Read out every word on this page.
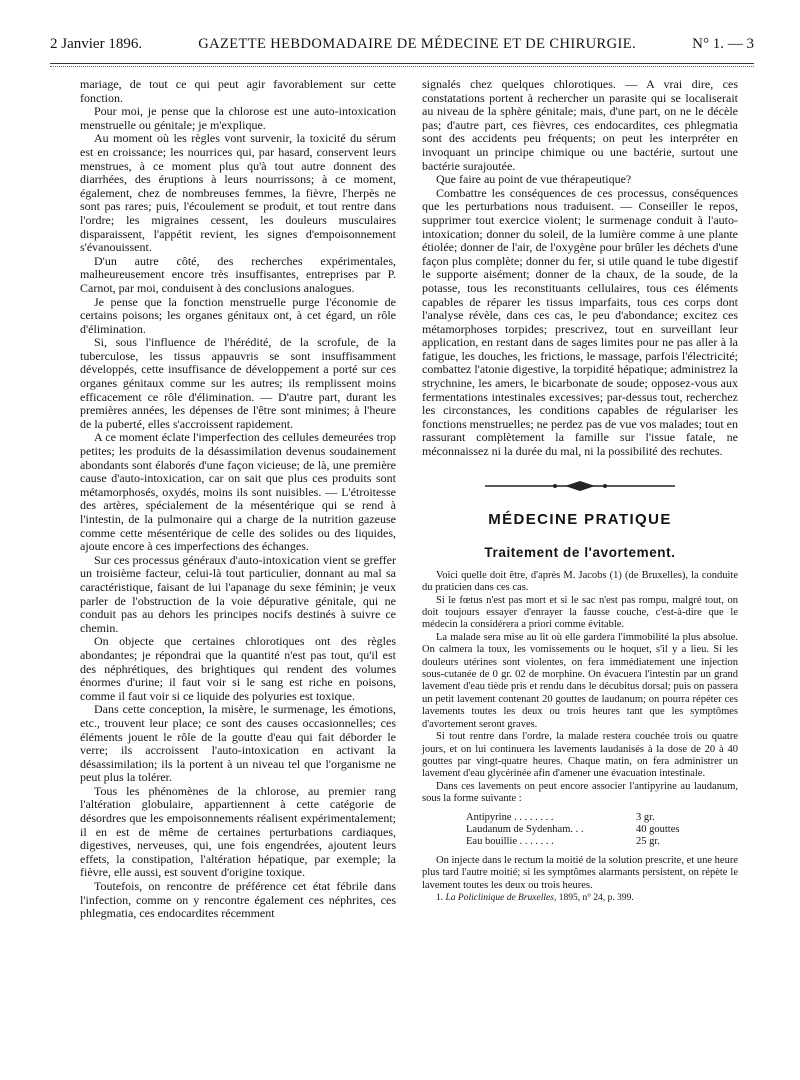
2 Janvier 1896.	GAZETTE HEBDOMADAIRE DE MÉDECINE ET DE CHIRURGIE.	N° 1. — 3

mariage, de tout ce qui peut agir favorablement sur cette fonction.

Pour moi, je pense que la chlorose est une auto-intoxication menstruelle ou génitale; je m'explique.

Au moment où les règles vont survenir, la toxicité du sérum est en croissance; les nourrices qui, par hasard, conservent leurs menstrues, à ce moment plus qu'à tout autre donnent des diarrhées, des éruptions à leurs nourrissons; à ce moment, également, chez de nombreuses femmes, la fièvre, l'herpès ne sont pas rares; puis, l'écoulement se produit, et tout rentre dans l'ordre; les migraines cessent, les douleurs musculaires disparaissent, l'appétit revient, les signes d'empoisonnement s'évanouissent.

D'un autre côté, des recherches expérimentales, malheureusement encore très insuffisantes, entreprises par P. Carnot, par moi, conduisent à des conclusions analogues.

Je pense que la fonction menstruelle purge l'économie de certains poisons; les organes génitaux ont, à cet égard, un rôle d'élimination.

Si, sous l'influence de l'hérédité, de la scrofule, de la tuberculose, les tissus appauvris se sont insuffisamment développés, cette insuffisance de développement a porté sur ces organes génitaux comme sur les autres; ils remplissent moins efficacement ce rôle d'élimination. — D'autre part, durant les premières années, les dépenses de l'être sont minimes; à l'heure de la puberté, elles s'accroissent rapidement.

A ce moment éclate l'imperfection des cellules demeurées trop petites; les produits de la désassimilation devenus soudainement abondants sont élaborés d'une façon vicieuse; de là, une première cause d'auto-intoxication, car on sait que plus ces produits sont métamorphosés, oxydés, moins ils sont nuisibles. — L'étroitesse des artères, spécialement de la mésentérique qui se rend à l'intestin, de la pulmonaire qui a charge de la nutrition gazeuse comme cette mésentérique de celle des solides ou des liquides, ajoute encore à ces imperfections des échanges.

Sur ces processus généraux d'auto-intoxication vient se greffer un troisième facteur, celui-là tout particulier, donnant au mal sa caractéristique, faisant de lui l'apanage du sexe féminin; je veux parler de l'obstruction de la voie dépurative génitale, qui ne conduit pas au dehors les principes nocifs destinés à suivre ce chemin.

On objecte que certaines chlorotiques ont des règles abondantes; je répondrai que la quantité n'est pas tout, qu'il est des néphrétiques, des brightiques qui rendent des volumes énormes d'urine; il faut voir si le sang est riche en poisons, comme il faut voir si ce liquide des polyuries est toxique.

Dans cette conception, la misère, le surmenage, les émotions, etc., trouvent leur place; ce sont des causes occasionnelles; ces éléments jouent le rôle de la goutte d'eau qui fait déborder le verre; ils accroissent l'auto-intoxication en activant la désassimilation; ils la portent à un niveau tel que l'organisme ne peut plus la tolérer.

Tous les phénomènes de la chlorose, au premier rang l'altération globulaire, appartiennent à cette catégorie de désordres que les empoisonnements réalisent expérimentalement; il en est de même de certaines perturbations cardiaques, digestives, nerveuses, qui, une fois engendrées, ajoutent leurs effets, la constipation, l'altération hépatique, par exemple; la fièvre, elle aussi, est souvent d'origine toxique.

Toutefois, on rencontre de préférence cet état fébrile dans l'infection, comme on y rencontre également ces néphrites, ces phlegmatia, ces endocardites récemment

signalés chez quelques chlorotiques. — A vrai dire, ces constatations portent à rechercher un parasite qui se localiserait au niveau de la sphère génitale; mais, d'une part, on ne le décèle pas; d'autre part, ces fièvres, ces endocardites, ces phlegmatia sont des accidents peu fréquents; on peut les interpréter en invoquant un principe chimique ou une bactérie, surtout une bactérie surajoutée.

Que faire au point de vue thérapeutique?

Combattre les conséquences de ces processus, conséquences que les perturbations nous traduisent. — Conseiller le repos, supprimer tout exercice violent; le surmenage conduit à l'auto-intoxication; donner du soleil, de la lumière comme à une plante étiolée; donner de l'air, de l'oxygène pour brûler les déchets d'une façon plus complète; donner du fer, si utile quand le tube digestif le supporte aisément; donner de la chaux, de la soude, de la potasse, tous les reconstituants cellulaires, tous ces éléments capables de réparer les tissus imparfaits, tous ces corps dont l'analyse révèle, dans ces cas, le peu d'abondance; excitez ces métamorphoses torpides; prescrivez, tout en surveillant leur application, en restant dans de sages limites pour ne pas aller à la fatigue, les douches, les frictions, le massage, parfois l'électricité; combattez l'atonie digestive, la torpidité hépatique; administrez la strychnine, les amers, le bicarbonate de soude; opposez-vous aux fermentations intestinales excessives; par-dessus tout, recherchez les circonstances, les conditions capables de régulariser les fonctions menstruelles; ne perdez pas de vue vos malades; tout en rassurant complètement la famille sur l'issue fatale, ne méconnaissez ni la durée du mal, ni la possibilité des rechutes.

MÉDECINE PRATIQUE
Traitement de l'avortement.

Voici quelle doit être, d'après M. Jacobs (1) (de Bruxelles), la conduite du praticien dans ces cas.

Si le fœtus n'est pas mort et si le sac n'est pas rompu, malgré tout, on doit toujours essayer d'enrayer la fausse couche, c'est-à-dire que le médecin la considérera a priori comme évitable.

La malade sera mise au lit où elle gardera l'immobilité la plus absolue. On calmera la toux, les vomissements ou le hoquet, s'il y a lieu. Si les douleurs utérines sont violentes, on fera immédiatement une injection sous-cutanée de 0 gr. 02 de morphine. On évacuera l'intestin par un grand lavement d'eau tiède pris et rendu dans le décubitus dorsal; puis on passera un petit lavement contenant 20 gouttes de laudanum; on pourra répéter ces lavements toutes les deux ou trois heures tant que les symptômes d'avortement seront graves.

Si tout rentre dans l'ordre, la malade restera couchée trois ou quatre jours, et on lui continuera les lavements laudanisés à la dose de 20 à 40 gouttes par vingt-quatre heures. Chaque matin, on fera administrer un lavement d'eau glycérinée afin d'amener une évacuation intestinale.

Dans ces lavements on peut encore associer l'antipyrine au laudanum, sous la forme suivante :

Antipyrine . . . . . . . .	3 gr.
Laudanum de Sydenham. . .	40 gouttes
Eau bouillie . . . . . . .	25 gr.

On injecte dans le rectum la moitié de la solution prescrite, et une heure plus tard l'autre moitié; si les symptômes alarmants persistent, on répète le lavement toutes les deux ou trois heures.

1. La Policlinique de Bruxelles, 1895, n° 24, p. 399.
